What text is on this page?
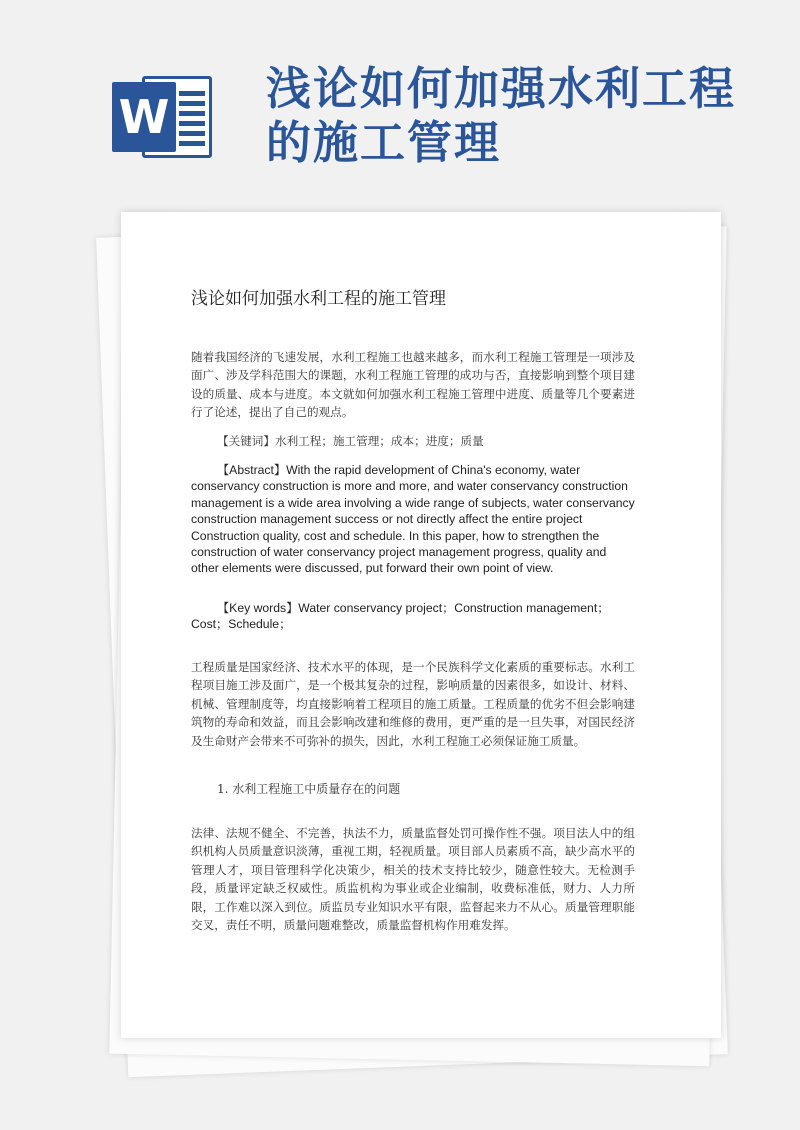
W
浅论如何加强水利工程的施工管理
浅论如何加强水利工程的施工管理
随着我国经济的飞速发展，水利工程施工也越来越多，而水利工程施工管理是一项涉及面广、涉及学科范围大的课题，水利工程施工管理的成功与否，直接影响到整个项目建设的质量、成本与进度。本文就如何加强水利工程施工管理中进度、质量等几个要素进行了论述，提出了自己的观点。
【关键词】水利工程；施工管理；成本；进度；质量
【Abstract】With the rapid development of China's economy, water conservancy construction is more and more, and water conservancy construction management is a wide area involving a wide range of subjects, water conservancy construction management success or not directly affect the entire project Construction quality, cost and schedule. In this paper, how to strengthen the construction of water conservancy project management progress, quality and other elements were discussed, put forward their own point of view.
【Key words】Water conservancy project；Construction management；Cost；Schedule；
工程质量是国家经济、技术水平的体现，是一个民族科学文化素质的重要标志。水利工程项目施工涉及面广，是一个极其复杂的过程，影响质量的因素很多，如设计、材料、机械、管理制度等，均直接影响着工程项目的施工质量。工程质量的优劣不但会影响建筑物的寿命和效益，而且会影响改建和维修的费用，更严重的是一旦失事，对国民经济及生命财产会带来不可弥补的损失，因此，水利工程施工必须保证施工质量。
1. 水利工程施工中质量存在的问题
法律、法规不健全、不完善，执法不力，质量监督处罚可操作性不强。项目法人中的组织机构人员质量意识淡薄，重视工期，轻视质量。项目部人员素质不高，缺少高水平的管理人才，项目管理科学化决策少，相关的技术支持比较少，随意性较大。无检测手段，质量评定缺乏权威性。质监机构为事业或企业编制，收费标准低，财力、人力所限，工作难以深入到位。质监员专业知识水平有限，监督起来力不从心。质量管理职能交叉，责任不明，质量问题难整改，质量监督机构作用难发挥。
